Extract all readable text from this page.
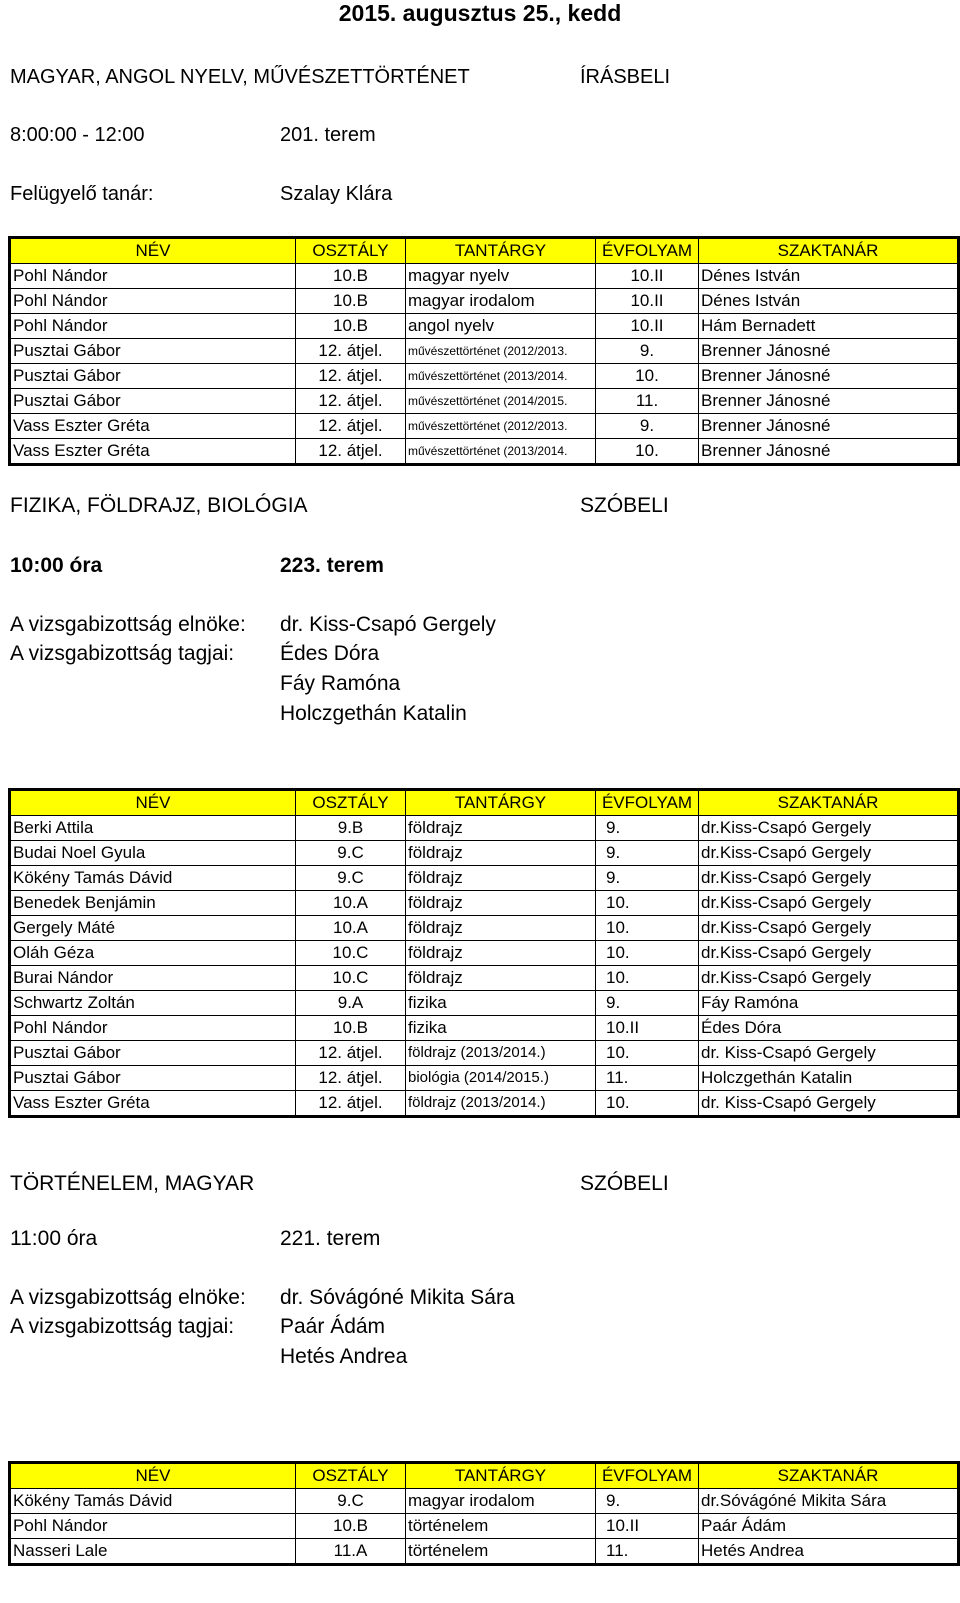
2015. augusztus 25., kedd
MAGYAR, ANGOL NYELV, MŰVÉSZETTÖRTÉNET	ÍRÁSBELI
8:00:00 - 12:00	201. terem
Felügyelő tanár:	Szalay Klára
NÉV	OSZTÁLY	TANTÁRGY	ÉVFOLYAM	SZAKTANÁR
Pohl Nándor	10.B	magyar nyelv	10.II	Dénes István
Pohl Nándor	10.B	magyar irodalom	10.II	Dénes István
Pohl Nándor	10.B	angol nyelv	10.II	Hám Bernadett
Pusztai Gábor	12. átjel.	művészettörténet (2012/2013.	9.	Brenner Jánosné
Pusztai Gábor	12. átjel.	művészettörténet (2013/2014.	10.	Brenner Jánosné
Pusztai Gábor	12. átjel.	művészettörténet (2014/2015.	11.	Brenner Jánosné
Vass Eszter Gréta	12. átjel.	művészettörténet (2012/2013.	9.	Brenner Jánosné
Vass Eszter Gréta	12. átjel.	művészettörténet (2013/2014.	10.	Brenner Jánosné
FIZIKA, FÖLDRAJZ, BIOLÓGIA	SZÓBELI
10:00 óra	223. terem
A vizsgabizottság elnöke: dr. Kiss-Csapó Gergely
A vizsgabizottság tagjai: Édes Dóra
Fáy Ramóna
Holczgethán Katalin
NÉV	OSZTÁLY	TANTÁRGY	ÉVFOLYAM	SZAKTANÁR
Berki Attila	9.B	földrajz	9.	dr.Kiss-Csapó Gergely
Budai Noel Gyula	9.C	földrajz	9.	dr.Kiss-Csapó Gergely
Kökény Tamás Dávid	9.C	földrajz	9.	dr.Kiss-Csapó Gergely
Benedek Benjámin	10.A	földrajz	10.	dr.Kiss-Csapó Gergely
Gergely Máté	10.A	földrajz	10.	dr.Kiss-Csapó Gergely
Oláh Géza	10.C	földrajz	10.	dr.Kiss-Csapó Gergely
Burai Nándor	10.C	földrajz	10.	dr.Kiss-Csapó Gergely
Schwartz Zoltán	9.A	fizika	9.	Fáy Ramóna
Pohl Nándor	10.B	fizika	10.II	Édes Dóra
Pusztai Gábor	12. átjel.	földrajz (2013/2014.)	10.	dr. Kiss-Csapó Gergely
Pusztai Gábor	12. átjel.	biológia (2014/2015.)	11.	Holczgethán Katalin
Vass Eszter Gréta	12. átjel.	földrajz (2013/2014.)	10.	dr. Kiss-Csapó Gergely
TÖRTÉNELEM, MAGYAR	SZÓBELI
11:00 óra	221. terem
A vizsgabizottság elnöke: dr. Sóvágóné Mikita Sára
A vizsgabizottság tagjai: Paár Ádám
Hetés Andrea
NÉV	OSZTÁLY	TANTÁRGY	ÉVFOLYAM	SZAKTANÁR
Kökény Tamás Dávid	9.C	magyar irodalom	9.	dr.Sóvágóné Mikita Sára
Pohl Nándor	10.B	történelem	10.II	Paár Ádám
Nasseri Lale	11.A	történelem	11.	Hetés Andrea
